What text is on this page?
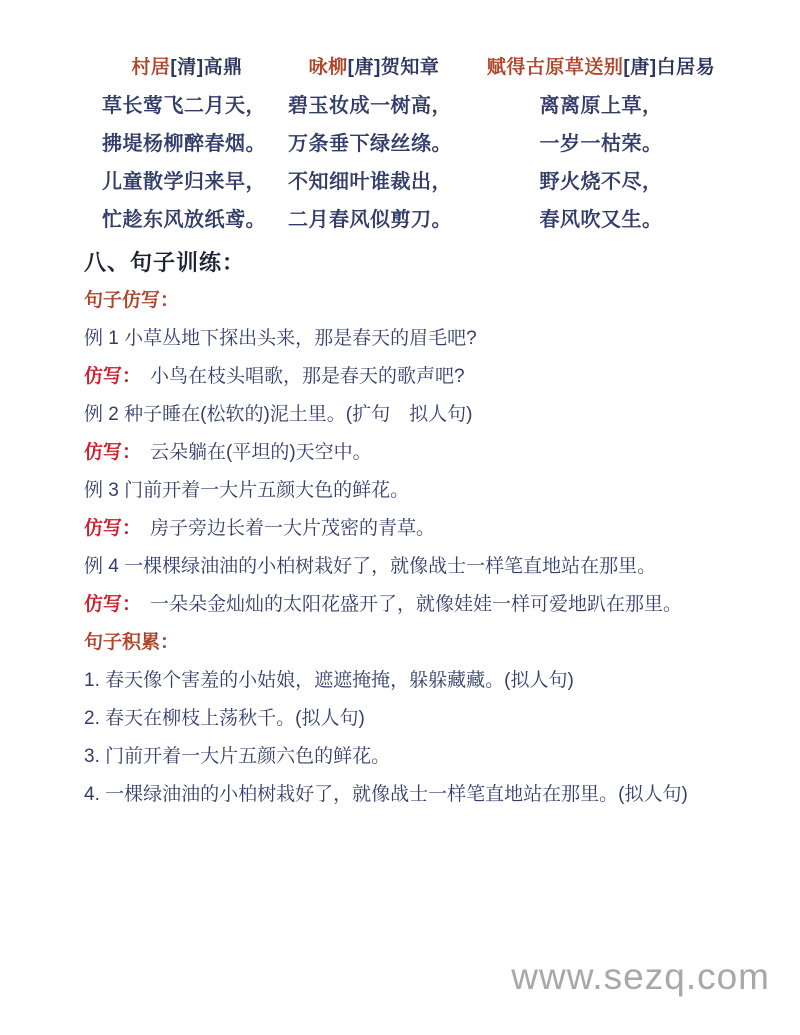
村居[清]高鼎
草长莺飞二月天，
拂堤杨柳醉春烟。
儿童散学归来早，
忙趁东风放纸鸢。
咏柳[唐]贺知章
碧玉妆成一树高，
万条垂下绿丝绦。
不知细叶谁裁出，
二月春风似剪刀。
赋得古原草送别[唐]白居易
离离原上草，
一岁一枯荣。
野火烧不尽，
春风吹又生。
八、句子训练：
句子仿写：
例 1 小草丛地下探出头来，那是春天的眉毛吧?
仿写： 小鸟在枝头唱歌，那是春天的歌声吧?
例 2 种子睡在(松软的)泥土里。(扩句　拟人句)
仿写： 云朵躺在(平坦的)天空中。
例 3 门前开着一大片五颜大色的鲜花。
仿写： 房子旁边长着一大片茂密的青草。
例 4 一棵棵绿油油的小柏树栽好了，就像战士一样笔直地站在那里。
仿写： 一朵朵金灿灿的太阳花盛开了，就像娃娃一样可爱地趴在那里。
句子积累：
1. 春天像个害羞的小姑娘，遮遮掩掩，躲躲藏藏。(拟人句)
2. 春天在柳枝上荡秋千。(拟人句)
3. 门前开着一大片五颜六色的鲜花。
4. 一棵绿油油的小柏树栽好了，就像战士一样笔直地站在那里。(拟人句)
www.sezq.com
